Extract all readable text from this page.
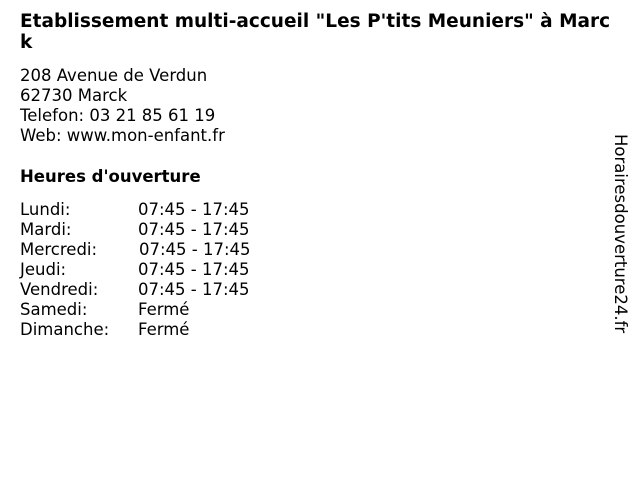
Etablissement multi-accueil "Les P'tits Meuniers" à Marck
208 Avenue de Verdun
62730 Marck
Telefon: 03 21 85 61 19
Web: www.mon-enfant.fr
Heures d'ouverture
Lundi:	07:45 - 17:45
Mardi:	07:45 - 17:45
Mercredi:	07:45 - 17:45
Jeudi:	07:45 - 17:45
Vendredi:	07:45 - 17:45
Samedi:	Fermé
Dimanche:	Fermé	Horairesdouverture24.fr
